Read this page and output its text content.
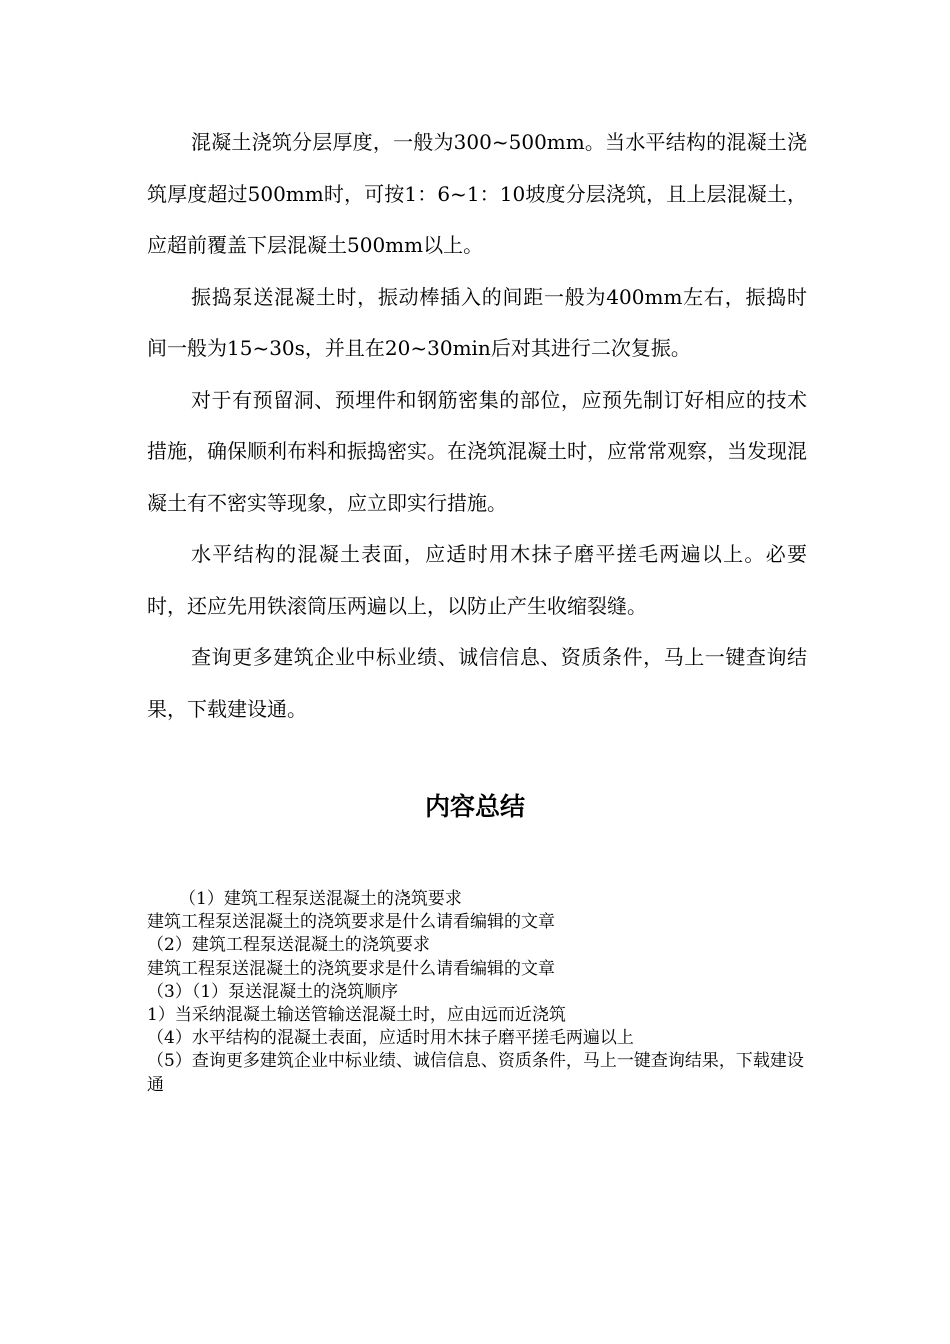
混凝土浇筑分层厚度，一般为300~500mm。当水平结构的混凝土浇筑厚度超过500mm时，可按1：6~1：10坡度分层浇筑，且上层混凝土，应超前覆盖下层混凝土500mm以上。

振捣泵送混凝土时，振动棒插入的间距一般为400mm左右，振捣时间一般为15~30s，并且在20~30min后对其进行二次复振。

对于有预留洞、预埋件和钢筋密集的部位，应预先制订好相应的技术措施，确保顺利布料和振捣密实。在浇筑混凝土时，应常常观察，当发现混凝土有不密实等现象，应立即实行措施。

水平结构的混凝土表面，应适时用木抹子磨平搓毛两遍以上。必要时，还应先用铁滚筒压两遍以上，以防止产生收缩裂缝。

查询更多建筑企业中标业绩、诚信信息、资质条件，马上一键查询结果，下载建设通。

内容总结

（1）建筑工程泵送混凝土的浇筑要求

建筑工程泵送混凝土的浇筑要求是什么请看编辑的文章

（2）建筑工程泵送混凝土的浇筑要求

建筑工程泵送混凝土的浇筑要求是什么请看编辑的文章

（3）（1）泵送混凝土的浇筑顺序

1）当采纳混凝土输送管输送混凝土时，应由远而近浇筑

（4）水平结构的混凝土表面，应适时用木抹子磨平搓毛两遍以上

（5）查询更多建筑企业中标业绩、诚信信息、资质条件，马上一键查询结果，下载建设通
